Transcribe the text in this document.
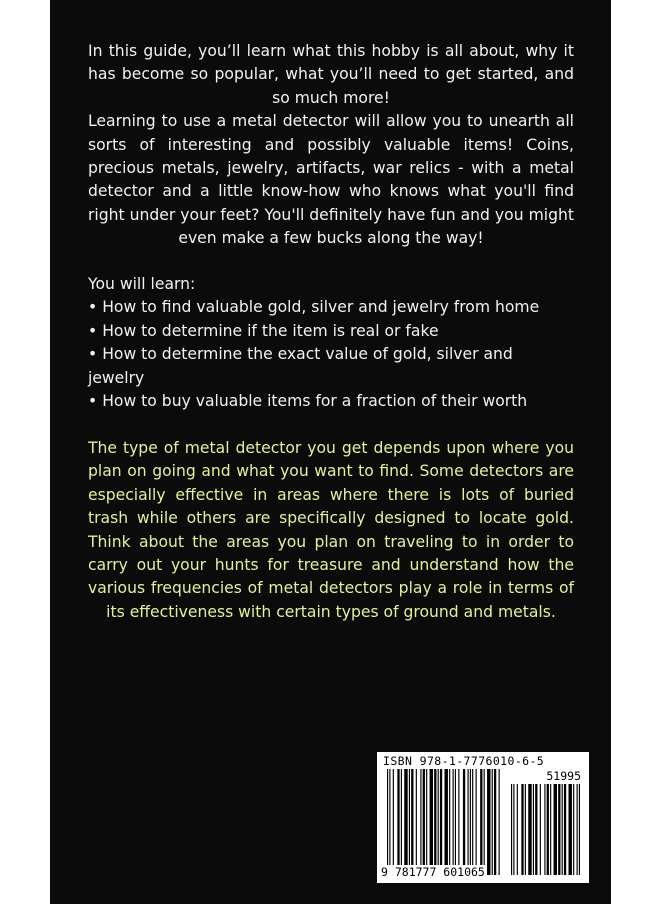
In this guide, you’ll learn what this hobby is all about, why it has become so popular, what you’ll need to get started, and so much more!

Learning to use a metal detector will allow you to unearth all sorts of interesting and possibly valuable items! Coins, precious metals, jewelry, artifacts, war relics - with a metal detector and a little know-how who knows what you'll find right under your feet? You'll definitely have fun and you might even make a few bucks along the way!

You will learn:

• How to find valuable gold, silver and jewelry from home
• How to determine if the item is real or fake
• How to determine the exact value of gold, silver and jewelry
• How to buy valuable items for a fraction of their worth

The type of metal detector you get depends upon where you plan on going and what you want to find. Some detectors are especially effective in areas where there is lots of buried trash while others are specifically designed to locate gold. Think about the areas you plan on traveling to in order to carry out your hunts for treasure and understand how the various frequencies of metal detectors play a role in terms of its effectiveness with certain types of ground and metals.

ISBN 978-1-7776010-6-5
51995
9 781777 601065
